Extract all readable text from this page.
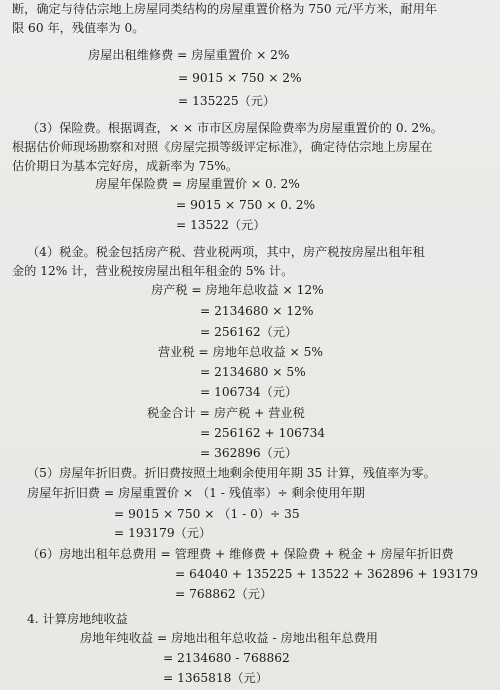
断，确定与待估宗地上房屋同类结构的房屋重置价格为 750 元/平方米，耐用年
限 60 年，残值率为 0。
房屋出租维修费 = 房屋重置价 × 2%
= 9015 × 750 × 2%
= 135225（元）
（3）保险费。根据调查，× × 市市区房屋保险费率为房屋重置价的 0. 2%。
根据估价师现场勘察和对照《房屋完损等级评定标准》，确定待估宗地上房屋在
估价期日为基本完好房，成新率为 75%。
房屋年保险费 = 房屋重置价 × 0. 2%
= 9015 × 750 × 0. 2%
= 13522（元）
（4）税金。税金包括房产税、营业税两项，其中，房产税按房屋出租年租
金的 12% 计，营业税按房屋出租年租金的 5% 计。
房产税 = 房地年总收益 × 12%
= 2134680 × 12%
= 256162（元）
营业税 = 房地年总收益 × 5%
= 2134680 × 5%
= 106734（元）
税金合计 = 房产税 + 营业税
= 256162 + 106734
= 362896（元）
（5）房屋年折旧费。折旧费按照土地剩余使用年期 35 计算，残值率为零。
房屋年折旧费 = 房屋重置价 × （1 - 残值率）÷ 剩余使用年期
= 9015 × 750 × （1 - 0）÷ 35
= 193179（元）
（6）房地出租年总费用 = 管理费 + 维修费 + 保险费 + 税金 + 房屋年折旧费
= 64040 + 135225 + 13522 + 362896 + 193179
= 768862（元）
4. 计算房地纯收益
房地年纯收益 = 房地出租年总收益 - 房地出租年总费用
= 2134680 - 768862
= 1365818（元）
